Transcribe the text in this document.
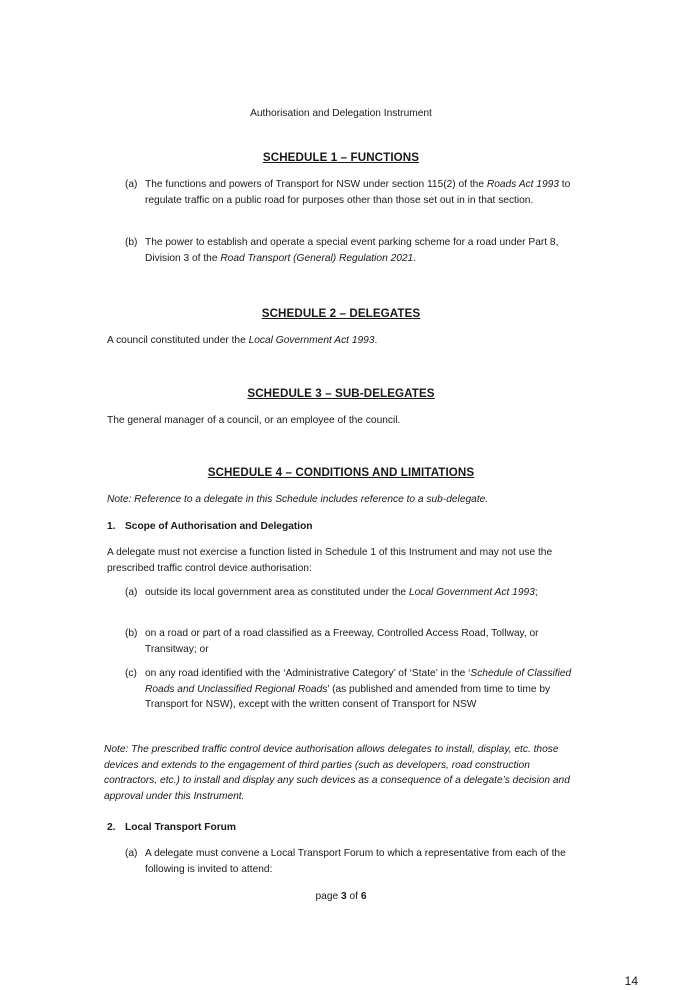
Authorisation and Delegation Instrument
SCHEDULE 1 – FUNCTIONS
(a) The functions and powers of Transport for NSW under section 115(2) of the Roads Act 1993 to regulate traffic on a public road for purposes other than those set out in in that section.
(b) The power to establish and operate a special event parking scheme for a road under Part 8, Division 3 of the Road Transport (General) Regulation 2021.
SCHEDULE 2 – DELEGATES
A council constituted under the Local Government Act 1993.
SCHEDULE 3 – SUB-DELEGATES
The general manager of a council, or an employee of the council.
SCHEDULE 4 – CONDITIONS AND LIMITATIONS
Note: Reference to a delegate in this Schedule includes reference to a sub-delegate.
1. Scope of Authorisation and Delegation
A delegate must not exercise a function listed in Schedule 1 of this Instrument and may not use the prescribed traffic control device authorisation:
(a) outside its local government area as constituted under the Local Government Act 1993;
(b) on a road or part of a road classified as a Freeway, Controlled Access Road, Tollway, or Transitway; or
(c) on any road identified with the ‘Administrative Category’ of ‘State’ in the ‘Schedule of Classified Roads and Unclassified Regional Roads’ (as published and amended from time to time by Transport for NSW), except with the written consent of Transport for NSW
Note: The prescribed traffic control device authorisation allows delegates to install, display, etc. those devices and extends to the engagement of third parties (such as developers, road construction contractors, etc.) to install and display any such devices as a consequence of a delegate’s decision and approval under this Instrument.
2. Local Transport Forum
(a) A delegate must convene a Local Transport Forum to which a representative from each of the following is invited to attend:
page 3 of 6
14
